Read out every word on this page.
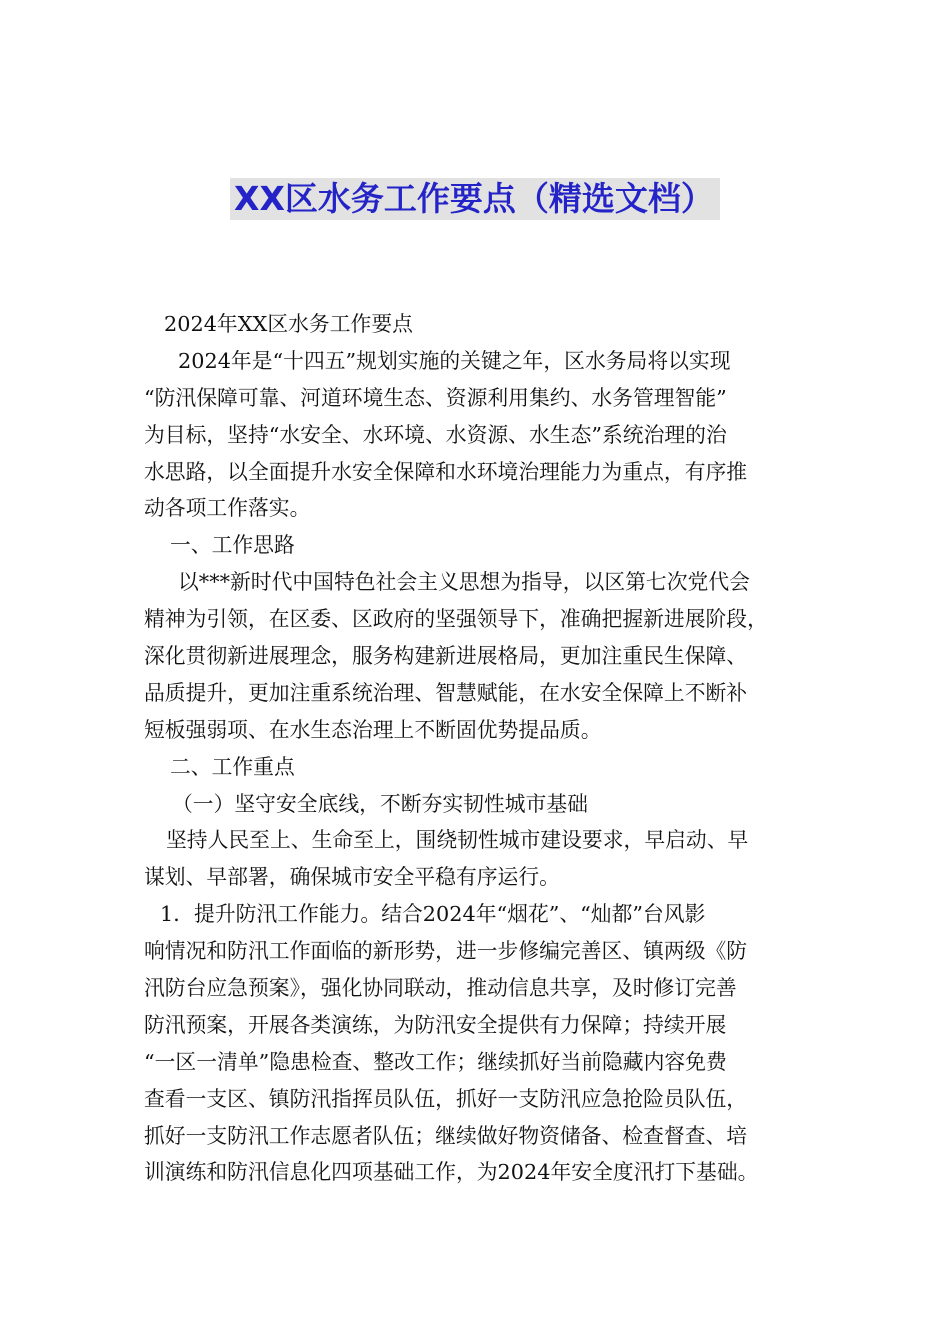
XX区水务工作要点（精选文档）
2024年XX区水务工作要点
2024年是“十四五”规划实施的关键之年，区水务局将以实现
“防汛保障可靠、河道环境生态、资源利用集约、水务管理智能”
为目标，坚持“水安全、水环境、水资源、水生态”系统治理的治
水思路，以全面提升水安全保障和水环境治理能力为重点，有序推
动各项工作落实。
一、工作思路
以***新时代中国特色社会主义思想为指导，以区第七次党代会
精神为引领，在区委、区政府的坚强领导下，准确把握新进展阶段，
深化贯彻新进展理念，服务构建新进展格局，更加注重民生保障、
品质提升，更加注重系统治理、智慧赋能，在水安全保障上不断补
短板强弱项、在水生态治理上不断固优势提品质。
二、工作重点
（一）坚守安全底线，不断夯实韧性城市基础
坚持人民至上、生命至上，围绕韧性城市建设要求，早启动、早
谋划、早部署，确保城市安全平稳有序运行。
1．提升防汛工作能力。结合2024年“烟花”、“灿都”台风影
响情况和防汛工作面临的新形势，进一步修编完善区、镇两级《防
汛防台应急预案》，强化协同联动，推动信息共享，及时修订完善
防汛预案，开展各类演练，为防汛安全提供有力保障；持续开展
“一区一清单”隐患检查、整改工作；继续抓好当前隐藏内容免费
查看一支区、镇防汛指挥员队伍，抓好一支防汛应急抢险员队伍，
抓好一支防汛工作志愿者队伍；继续做好物资储备、检查督查、培
训演练和防汛信息化四项基础工作，为2024年安全度汛打下基础。
